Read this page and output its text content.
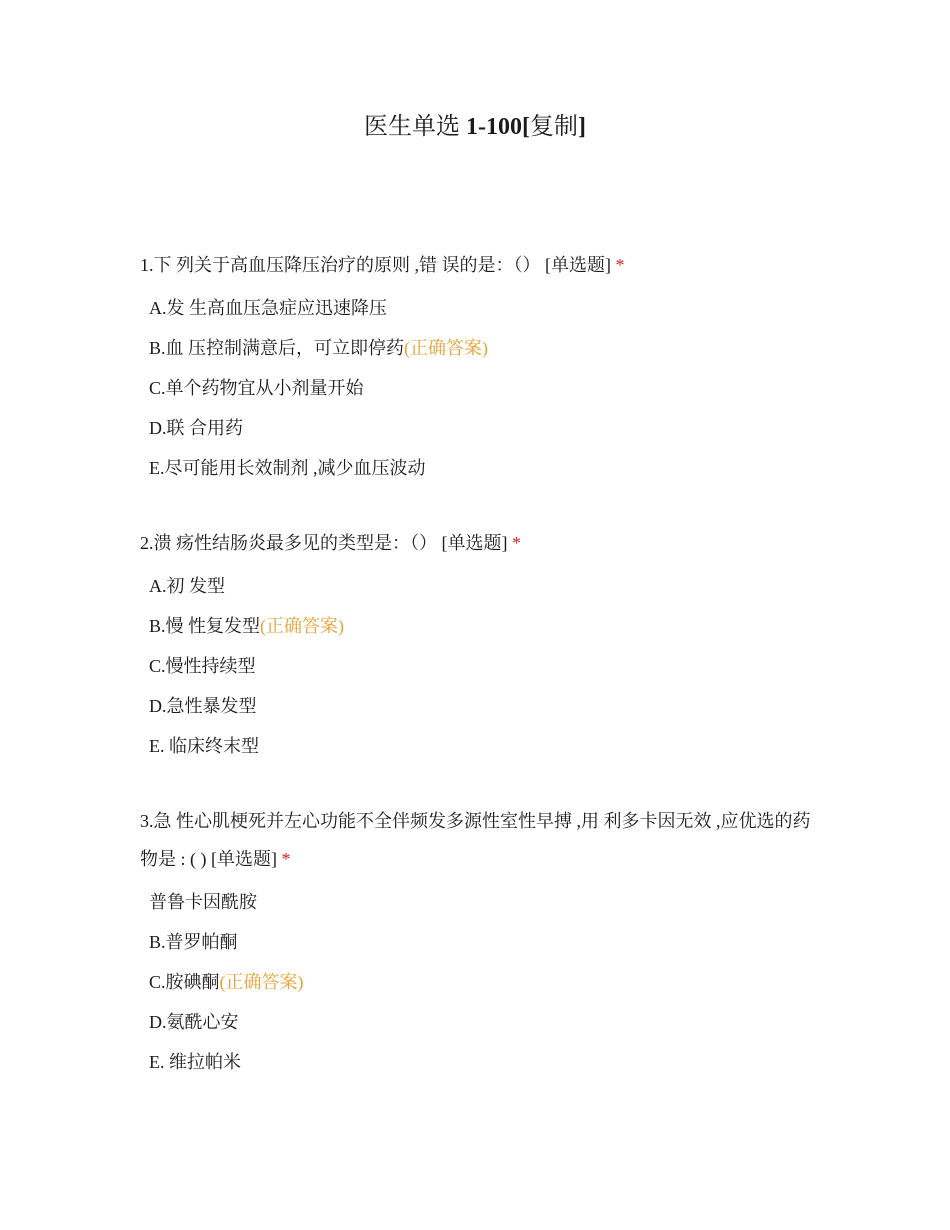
医生单选 1-100[复制]
1.下 列关于高血压降压治疗的原则 ,错 误的是：（） [单选题] *
A.发 生高血压急症应迅速降压
B.血 压控制满意后，可立即停药(正确答案)
C.单个药物宜从小剂量开始
D.联 合用药
E.尽可能用长效制剂 ,减少血压波动
2.溃 疡性结肠炎最多见的类型是：（） [单选题] *
A.初 发型
B.慢 性复发型(正确答案)
C.慢性持续型
D.急性暴发型
E. 临床终末型
3.急 性心肌梗死并左心功能不全伴频发多源性室性早搏 ,用 利多卡因无效 ,应优选的药物是 : ( ) [单选题] *
普鲁卡因酰胺
B.普罗帕酮
C.胺碘酮(正确答案)
D.氨酰心安
E. 维拉帕米
